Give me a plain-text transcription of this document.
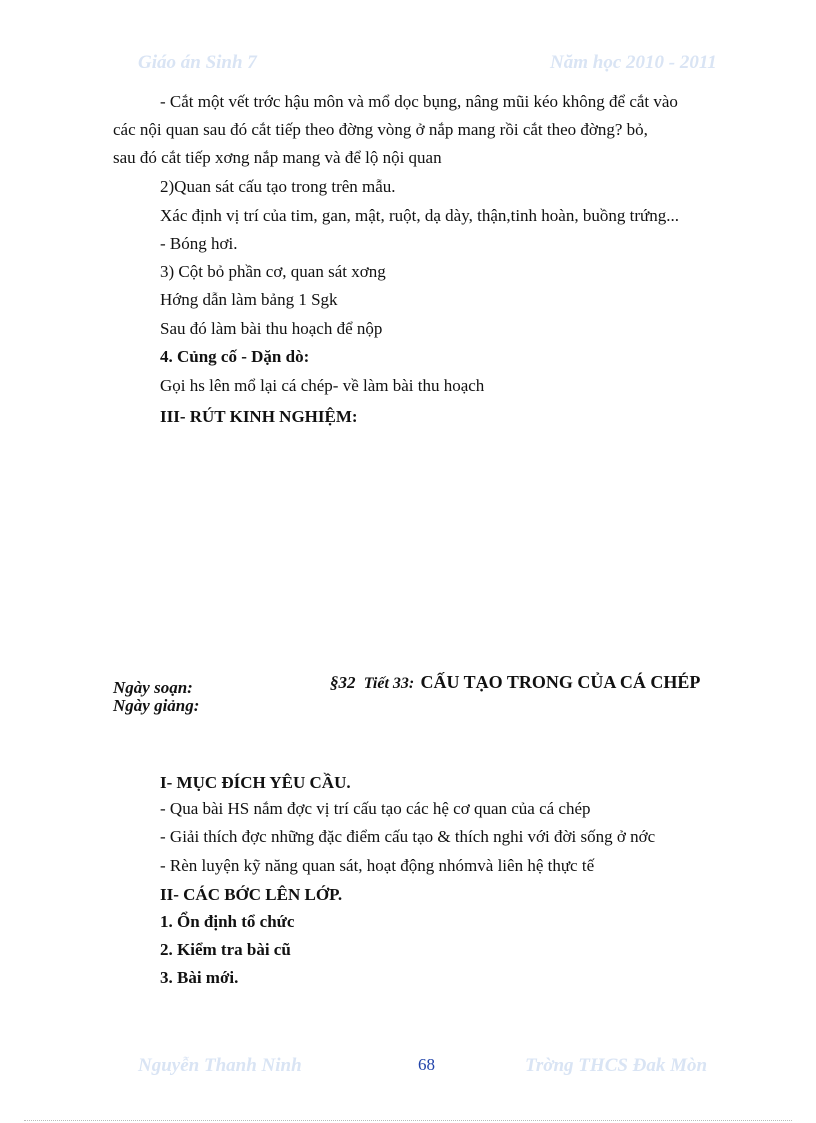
Giáo án Sinh 7	Năm học 2010 - 2011
- Cắt một vết trớc hậu môn và mổ dọc bụng, nâng mũi kéo không để cắt vào
các nội quan sau đó cắt tiếp theo đờng vòng ở nắp mang rồi cắt theo đờng? bỏ,
sau đó cắt tiếp xơng nắp mang và để lộ nội quan
2)Quan sát cấu tạo trong trên mẫu.
Xác định vị trí của tim, gan, mật, ruột, dạ dày, thận,tinh hoàn, buồng trứng...
- Bóng hơi.
3) Cột bỏ phần cơ, quan sát xơng
Hớng dẫn làm bảng 1 Sgk
Sau đó làm bài thu hoạch để nộp
4. Củng cố - Dặn dò:
Gọi hs lên mổ lại cá chép- về làm bài thu hoạch
III- RÚT KINH NGHIỆM:
Ngày soạn:
Ngày giảng:
§32 Tiết 33: CẤU TẠO TRONG CỦA CÁ CHÉP
I- MỤC ĐÍCH YÊU CẦU.
- Qua bài HS nắm đợc vị trí cấu tạo các hệ cơ quan của cá chép
- Giải thích đợc những đặc điểm cấu tạo & thích nghi với đời sống ở nớc
- Rèn luyện kỹ năng quan sát, hoạt động nhómvà liên hệ thực tế
II- CÁC BỚC LÊN LỚP.
1. Ổn định tổ chức
2. Kiểm tra bài cũ
3. Bài mới.
Nguyễn Thanh Ninh	68	Trờng THCS Đak Mòn
